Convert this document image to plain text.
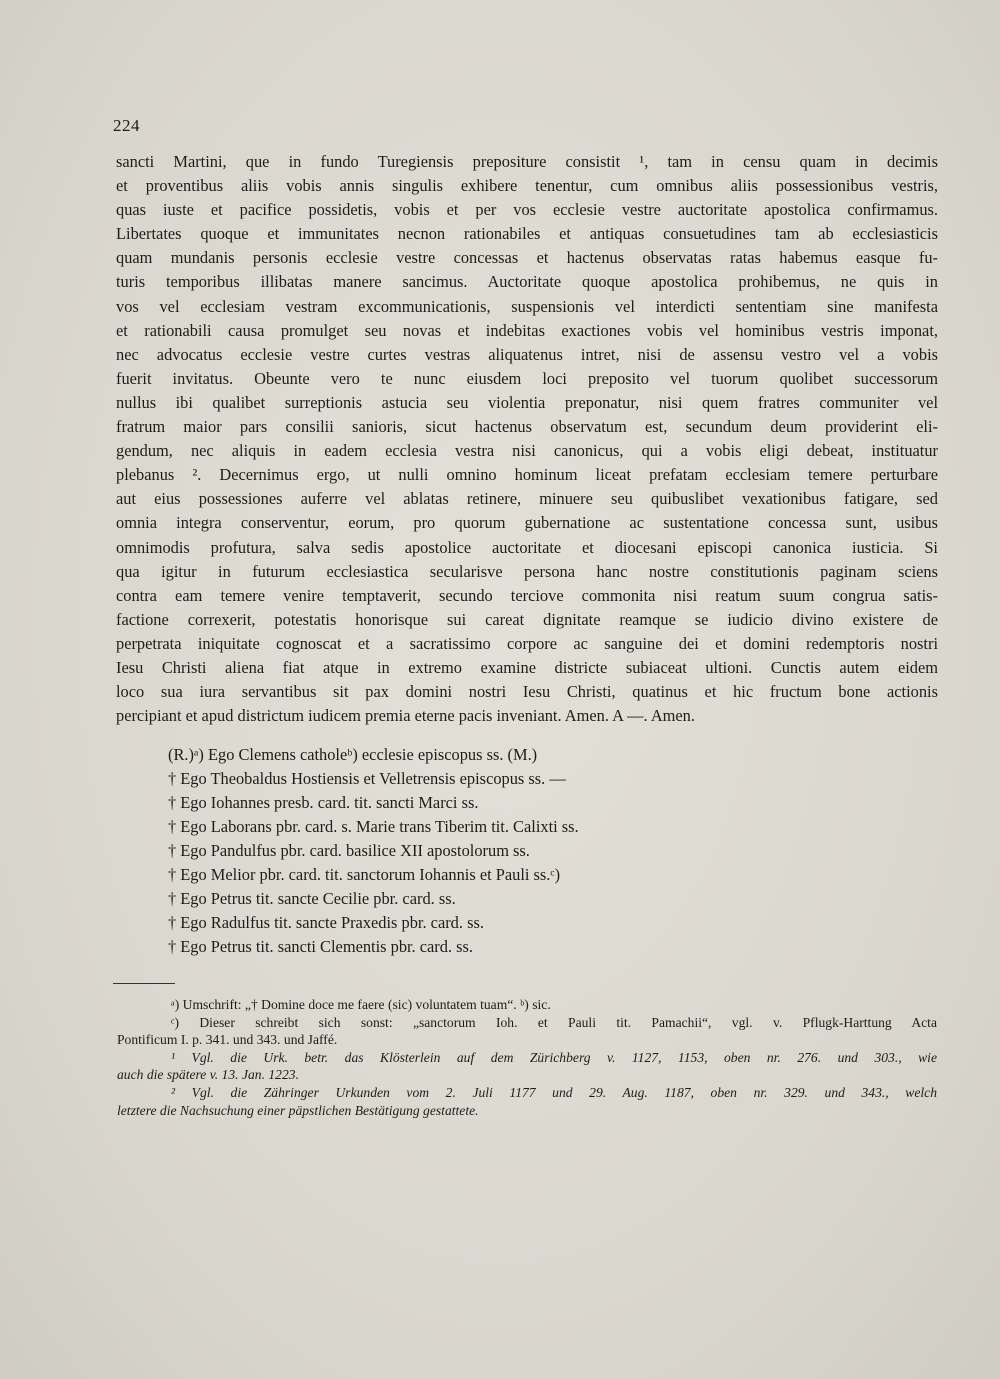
224
sancti Martini, que in fundo Turegiensis prepositure consistit ¹, tam in censu quam in decimis
et proventibus aliis vobis annis singulis exhibere tenentur, cum omnibus aliis possessionibus vestris,
quas iuste et pacifice possidetis, vobis et per vos ecclesie vestre auctoritate apostolica confirmamus.
Libertates quoque et immunitates necnon rationabiles et antiquas consuetudines tam ab ecclesiasticis
quam mundanis personis ecclesie vestre concessas et hactenus observatas ratas habemus easque fu-
turis temporibus illibatas manere sancimus. Auctoritate quoque apostolica prohibemus, ne quis in
vos vel ecclesiam vestram excommunicationis, suspensionis vel interdicti sententiam sine manifesta
et rationabili causa promulget seu novas et indebitas exactiones vobis vel hominibus vestris imponat,
nec advocatus ecclesie vestre curtes vestras aliquatenus intret, nisi de assensu vestro vel a vobis
fuerit invitatus. Obeunte vero te nunc eiusdem loci preposito vel tuorum quolibet successorum
nullus ibi qualibet surreptionis astucia seu violentia preponatur, nisi quem fratres communiter vel
fratrum maior pars consilii sanioris, sicut hactenus observatum est, secundum deum providerint eli-
gendum, nec aliquis in eadem ecclesia vestra nisi canonicus, qui a vobis eligi debeat, instituatur
plebanus ². Decernimus ergo, ut nulli omnino hominum liceat prefatam ecclesiam temere perturbare
aut eius possessiones auferre vel ablatas retinere, minuere seu quibuslibet vexationibus fatigare, sed
omnia integra conserventur, eorum, pro quorum gubernatione ac sustentatione concessa sunt, usibus
omnimodis profutura, salva sedis apostolice auctoritate et diocesani episcopi canonica iusticia. Si
qua igitur in futurum ecclesiastica secularisve persona hanc nostre constitutionis paginam sciens
contra eam temere venire temptaverit, secundo terciove commonita nisi reatum suum congrua satis-
factione correxerit, potestatis honorisque sui careat dignitate reamque se iudicio divino existere de
perpetrata iniquitate cognoscat et a sacratissimo corpore ac sanguine dei et domini redemptoris nostri
Iesu Christi aliena fiat atque in extremo examine districte subiaceat ultioni. Cunctis autem eidem
loco sua iura servantibus sit pax domini nostri Iesu Christi, quatinus et hic fructum bone actionis
percipiant et apud districtum iudicem premia eterne pacis inveniant. Amen. A —. Amen.
(R.)ᵃ) Ego Clemens catholeᵇ) ecclesie episcopus ss. (M.)
† Ego Theobaldus Hostiensis et Velletrensis episcopus ss. —
† Ego Iohannes presb. card. tit. sancti Marci ss.
† Ego Laborans pbr. card. s. Marie trans Tiberim tit. Calixti ss.
† Ego Pandulfus pbr. card. basilice XII apostolorum ss.
† Ego Melior pbr. card. tit. sanctorum Iohannis et Pauli ss.ᶜ)
† Ego Petrus tit. sancte Cecilie pbr. card. ss.
† Ego Radulfus tit. sancte Praxedis pbr. card. ss.
† Ego Petrus tit. sancti Clementis pbr. card. ss.
ᵃ) Umschrift: „† Domine doce me faere (sic) voluntatem tuam“. ᵇ) sic.
ᶜ) Dieser schreibt sich sonst: „sanctorum Ioh. et Pauli tit. Pamachii“, vgl. v. Pflugk-Harttung Acta
Pontificum I. p. 341. und 343. und Jaffé.
¹ Vgl. die Urk. betr. das Klösterlein auf dem Zürichberg v. 1127, 1153, oben nr. 276. und 303., wie
auch die spätere v. 13. Jan. 1223.
² Vgl. die Zähringer Urkunden vom 2. Juli 1177 und 29. Aug. 1187, oben nr. 329. und 343., welch
letztere die Nachsuchung einer päpstlichen Bestätigung gestattete.
